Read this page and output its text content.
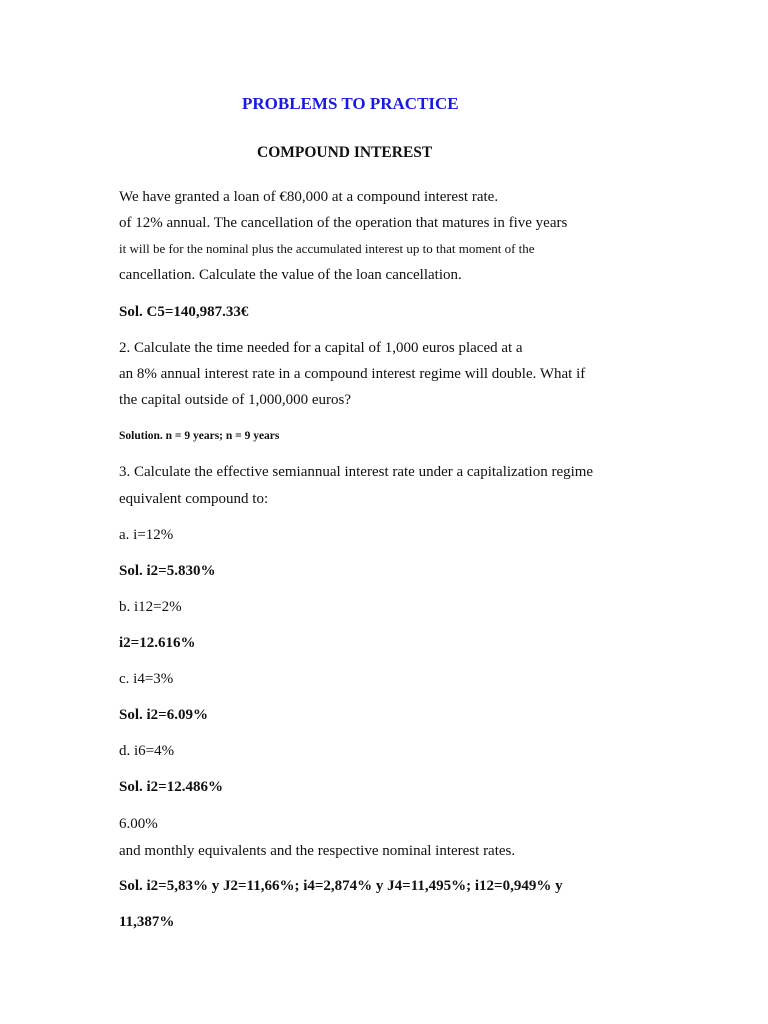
PROBLEMS TO PRACTICE
COMPOUND INTEREST
We have granted a loan of €80,000 at a compound interest rate.
of 12% annual. The cancellation of the operation that matures in five years
it will be for the nominal plus the accumulated interest up to that moment of the
cancellation. Calculate the value of the loan cancellation.
Sol. C5=140,987.33€
2. Calculate the time needed for a capital of 1,000 euros placed at a
an 8% annual interest rate in a compound interest regime will double. What if
the capital outside of 1,000,000 euros?
Solution. n = 9 years; n = 9 years
3. Calculate the effective semiannual interest rate under a capitalization regime
equivalent compound to:
a. i=12%
Sol. i2=5.830%
b. i12=2%
i2=12.616%
c. i4=3%
Sol. i2=6.09%
d. i6=4%
Sol. i2=12.486%
6.00%
and monthly equivalents and the respective nominal interest rates.
Sol. i2=5,83% y J2=11,66%; i4=2,874% y J4=11,495%; i12=0,949% y
11,387%
